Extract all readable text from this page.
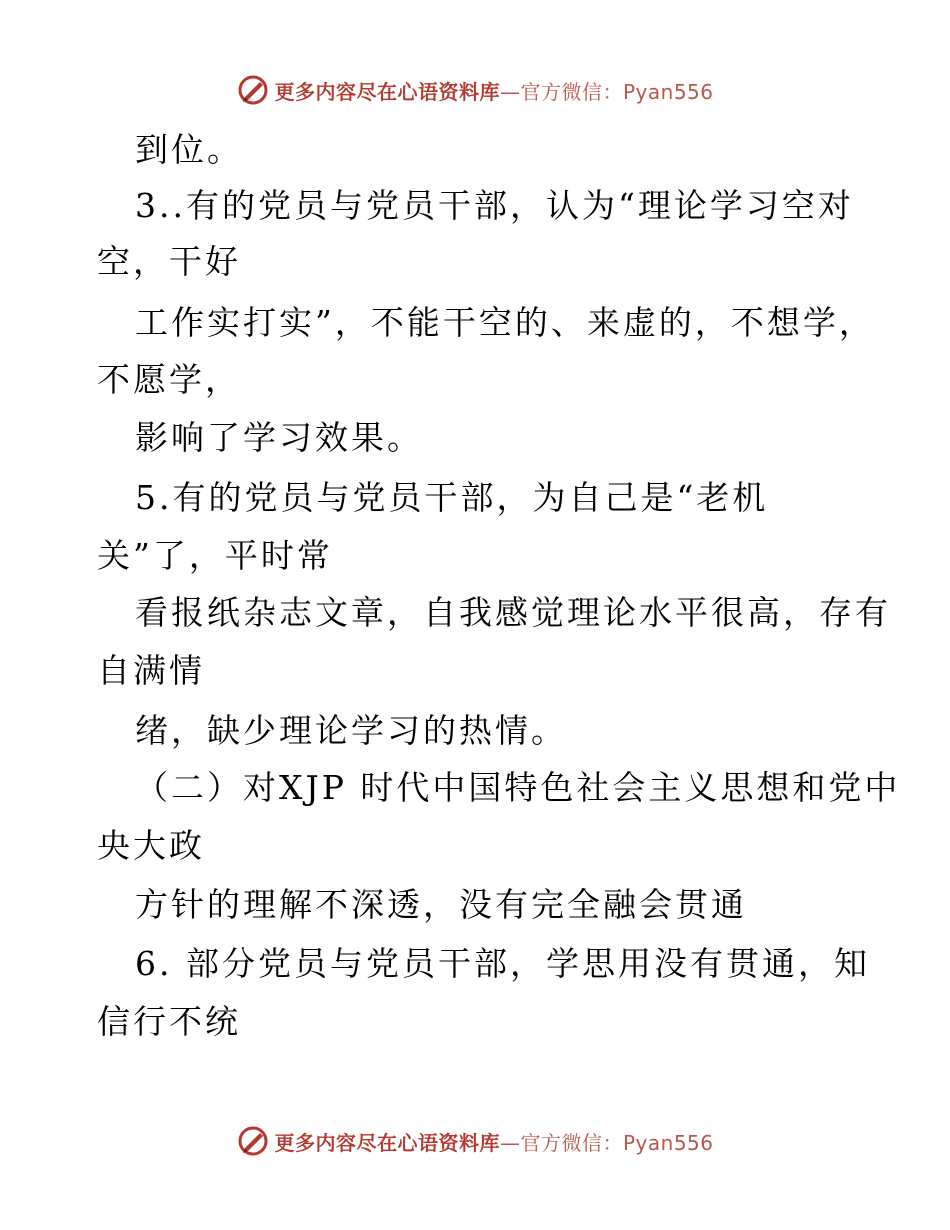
更多内容尽在心语资料库—官方微信：Pyan556

到位。

3..有的党员与党员干部，认为“理论学习空对

空，干好

工作实打实”，不能干空的、来虚的，不想学，

不愿学，

影响了学习效果。

5.有的党员与党员干部，为自己是“老机

关”了，平时常

看报纸杂志文章，自我感觉理论水平很高，存有

自满情

绪，缺少理论学习的热情。

（二）对XJP 时代中国特色社会主义思想和党中

央大政

方针的理解不深透，没有完全融会贯通

6. 部分党员与党员干部，学思用没有贯通，知

信行不统

更多内容尽在心语资料库—官方微信：Pyan556
